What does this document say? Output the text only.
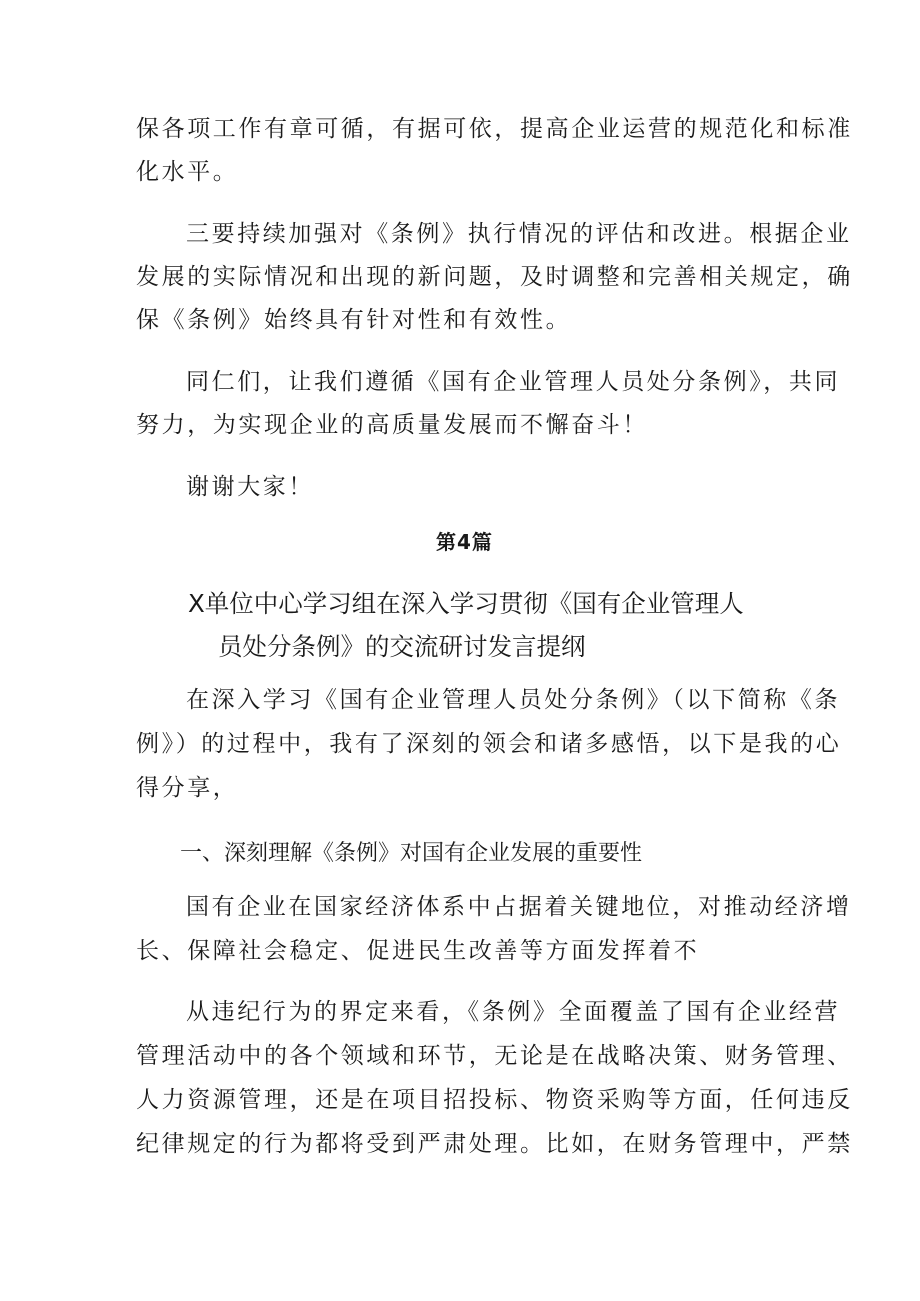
保各项工作有章可循，有据可依，提高企业运营的规范化和标准
化水平。
三要持续加强对《条例》执行情况的评估和改进。根据企业
发展的实际情况和出现的新问题，及时调整和完善相关规定，确
保《条例》始终具有针对性和有效性。
同仁们，让我们遵循《国有企业管理人员处分条例》，共同
努力，为实现企业的高质量发展而不懈奋斗！
谢谢大家！
第4篇
X单位中心学习组在深入学习贯彻《国有企业管理人
员处分条例》的交流研讨发言提纲
在深入学习《国有企业管理人员处分条例》（以下简称《条
例》）的过程中，我有了深刻的领会和诸多感悟，以下是我的心
得分享，
一、深刻理解《条例》对国有企业发展的重要性
国有企业在国家经济体系中占据着关键地位，对推动经济增
长、保障社会稳定、促进民生改善等方面发挥着不
从违纪行为的界定来看，《条例》全面覆盖了国有企业经营
管理活动中的各个领域和环节，无论是在战略决策、财务管理、
人力资源管理，还是在项目招投标、物资采购等方面，任何违反
纪律规定的行为都将受到严肃处理。比如，在财务管理中，严禁
